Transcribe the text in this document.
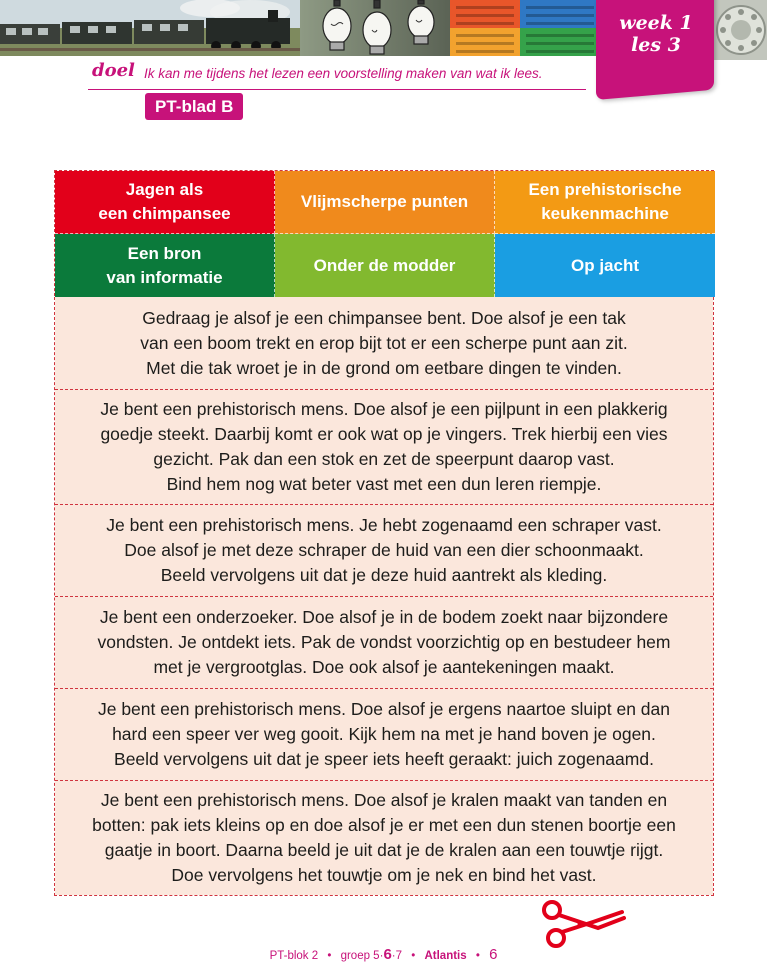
week 1
les 3
doel Ik kan me tijdens het lezen een voorstelling maken van wat ik lees.
PT-blad B
Jagen als
een chimpansee
Vlijmscherpe punten
Een prehistorische
keukenmachine
Een bron
van informatie
Onder de modder	Op jacht
Gedraag je alsof je een chimpansee bent. Doe alsof je een tak
van een boom trekt en erop bijt tot er een scherpe punt aan zit.
Met die tak wroet je in de grond om eetbare dingen te vinden.
Je bent een prehistorisch mens. Doe alsof je een pijlpunt in een plakkerig
goedje steekt. Daarbij komt er ook wat op je vingers. Trek hierbij een vies
gezicht. Pak dan een stok en zet de speerpunt daarop vast.
Bind hem nog wat beter vast met een dun leren riempje.
Je bent een prehistorisch mens. Je hebt zogenaamd een schraper vast.
Doe alsof je met deze schraper de huid van een dier schoonmaakt.
Beeld vervolgens uit dat je deze huid aantrekt als kleding.
Je bent een onderzoeker. Doe alsof je in de bodem zoekt naar bijzondere
vondsten. Je ontdekt iets. Pak de vondst voorzichtig op en bestudeer hem
met je vergrootglas. Doe ook alsof je aantekeningen maakt.
Je bent een prehistorisch mens. Doe alsof je ergens naartoe sluipt en dan
hard een speer ver weg gooit. Kijk hem na met je hand boven je ogen.
Beeld vervolgens uit dat je speer iets heeft geraakt: juich zogenaamd.
Je bent een prehistorisch mens. Doe alsof je kralen maakt van tanden en
botten: pak iets kleins op en doe alsof je er met een dun stenen boortje een
gaatje in boort. Daarna beeld je uit dat je de kralen aan een touwtje rijgt.
Doe vervolgens het touwtje om je nek en bind het vast.
PT-blok 2 • groep 5·6·7 • Atlantis • 6
